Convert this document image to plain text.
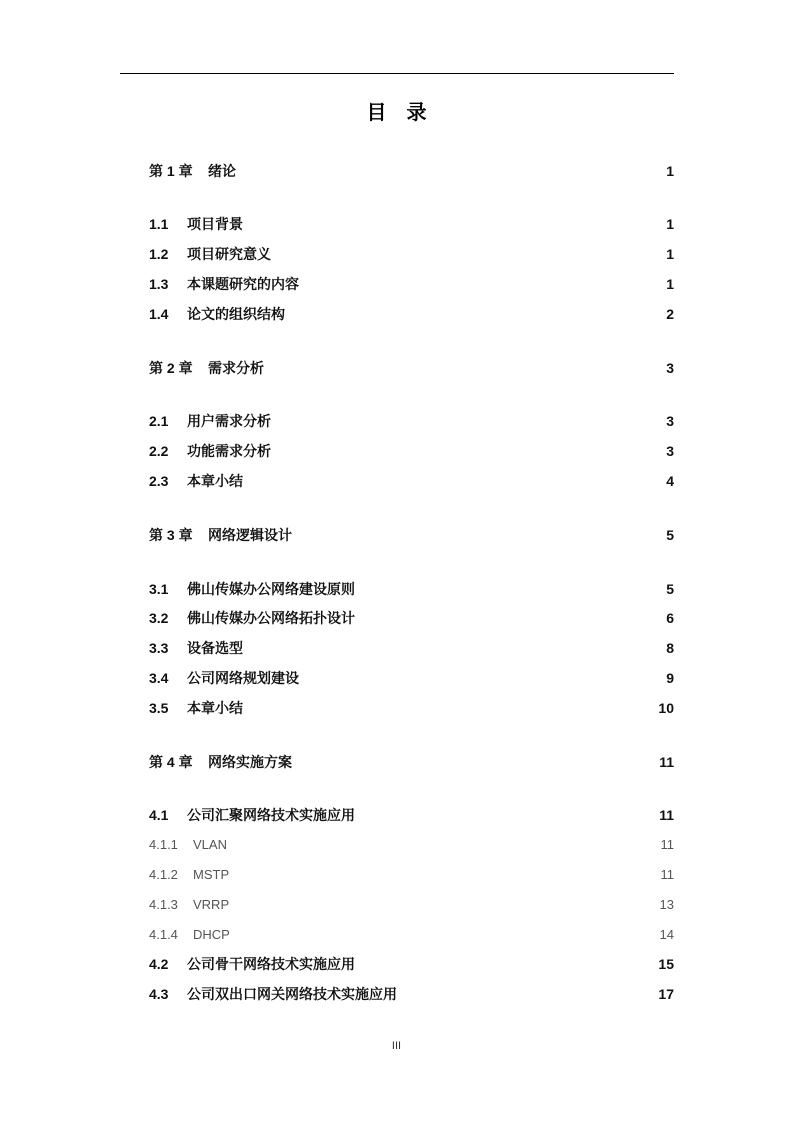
目　录
第 1 章 绪论	1
1.1 项目背景	1
1.2 项目研究意义	1
1.3 本课题研究的内容	1
1.4 论文的组织结构	2
第 2 章 需求分析	3
2.1 用户需求分析	3
2.2 功能需求分析	3
2.3 本章小结	4
第 3 章 网络逻辑设计	5
3.1 佛山传媒办公网络建设原则	5
3.2 佛山传媒办公网络拓扑设计	6
3.3 设备选型	8
3.4 公司网络规划建设	9
3.5 本章小结	10
第 4 章 网络实施方案	11
4.1 公司汇聚网络技术实施应用	11
4.1.1 VLAN	11
4.1.2 MSTP	11
4.1.3 VRRP	13
4.1.4 DHCP	14
4.2 公司骨干网络技术实施应用	15
4.3 公司双出口网关网络技术实施应用	17
III
